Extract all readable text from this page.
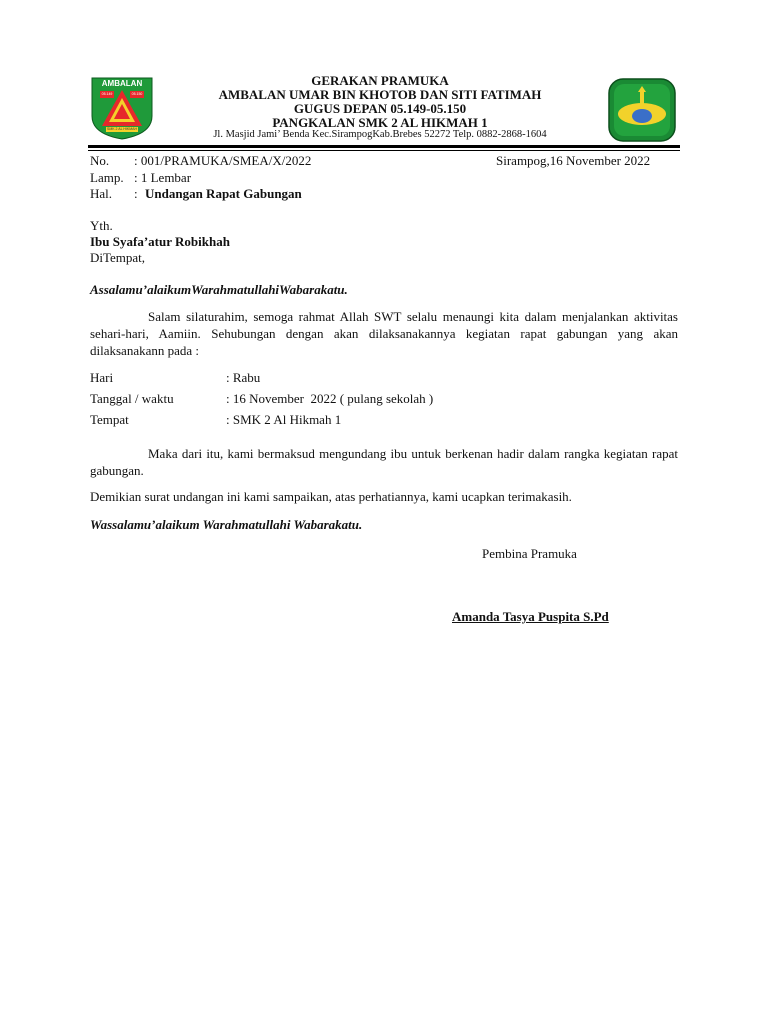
AMBALAN
05.149	05.150
SMK 2 AL HIKMAH
GERAKAN PRAMUKA
AMBALAN UMAR BIN KHOTOB DAN SITI FATIMAH
GUGUS DEPAN 05.149-05.150
PANGKALAN SMK 2 AL HIKMAH 1
Jl. Masjid Jami’ Benda Kec.SirampogKab.Brebes 52272 Telp. 0882-2868-1604
No. : 001/PRAMUKA/SMEA/X/2022	Sirampog,16 November 2022
Lamp. : 1 Lembar
Hal. : Undangan Rapat Gabungan
Yth.
Ibu Syafa’atur Robikhah
DiTempat,
AssalamuʼalaikumWarahmatullahiWabarakatu.
Salam silaturahim, semoga rahmat Allah SWT selalu menaungi kita dalam menjalankan aktivitas sehari-hari, Aamiin. Sehubungan dengan akan dilaksanakannya kegiatan rapat gabungan yang akan dilaksanakann pada :
Hari	: Rabu
Tanggal / waktu	: 16 November  2022 ( pulang sekolah )
Tempat	: SMK 2 Al Hikmah 1
Maka dari itu, kami bermaksud mengundang ibu untuk berkenan hadir dalam rangka kegiatan rapat gabungan.
Demikian surat undangan ini kami sampaikan, atas perhatiannya, kami ucapkan terimakasih.
Wassalamuʼalaikum Warahmatullahi Wabarakatu.
Pembina Pramuka
Amanda Tasya Puspita S.Pd
